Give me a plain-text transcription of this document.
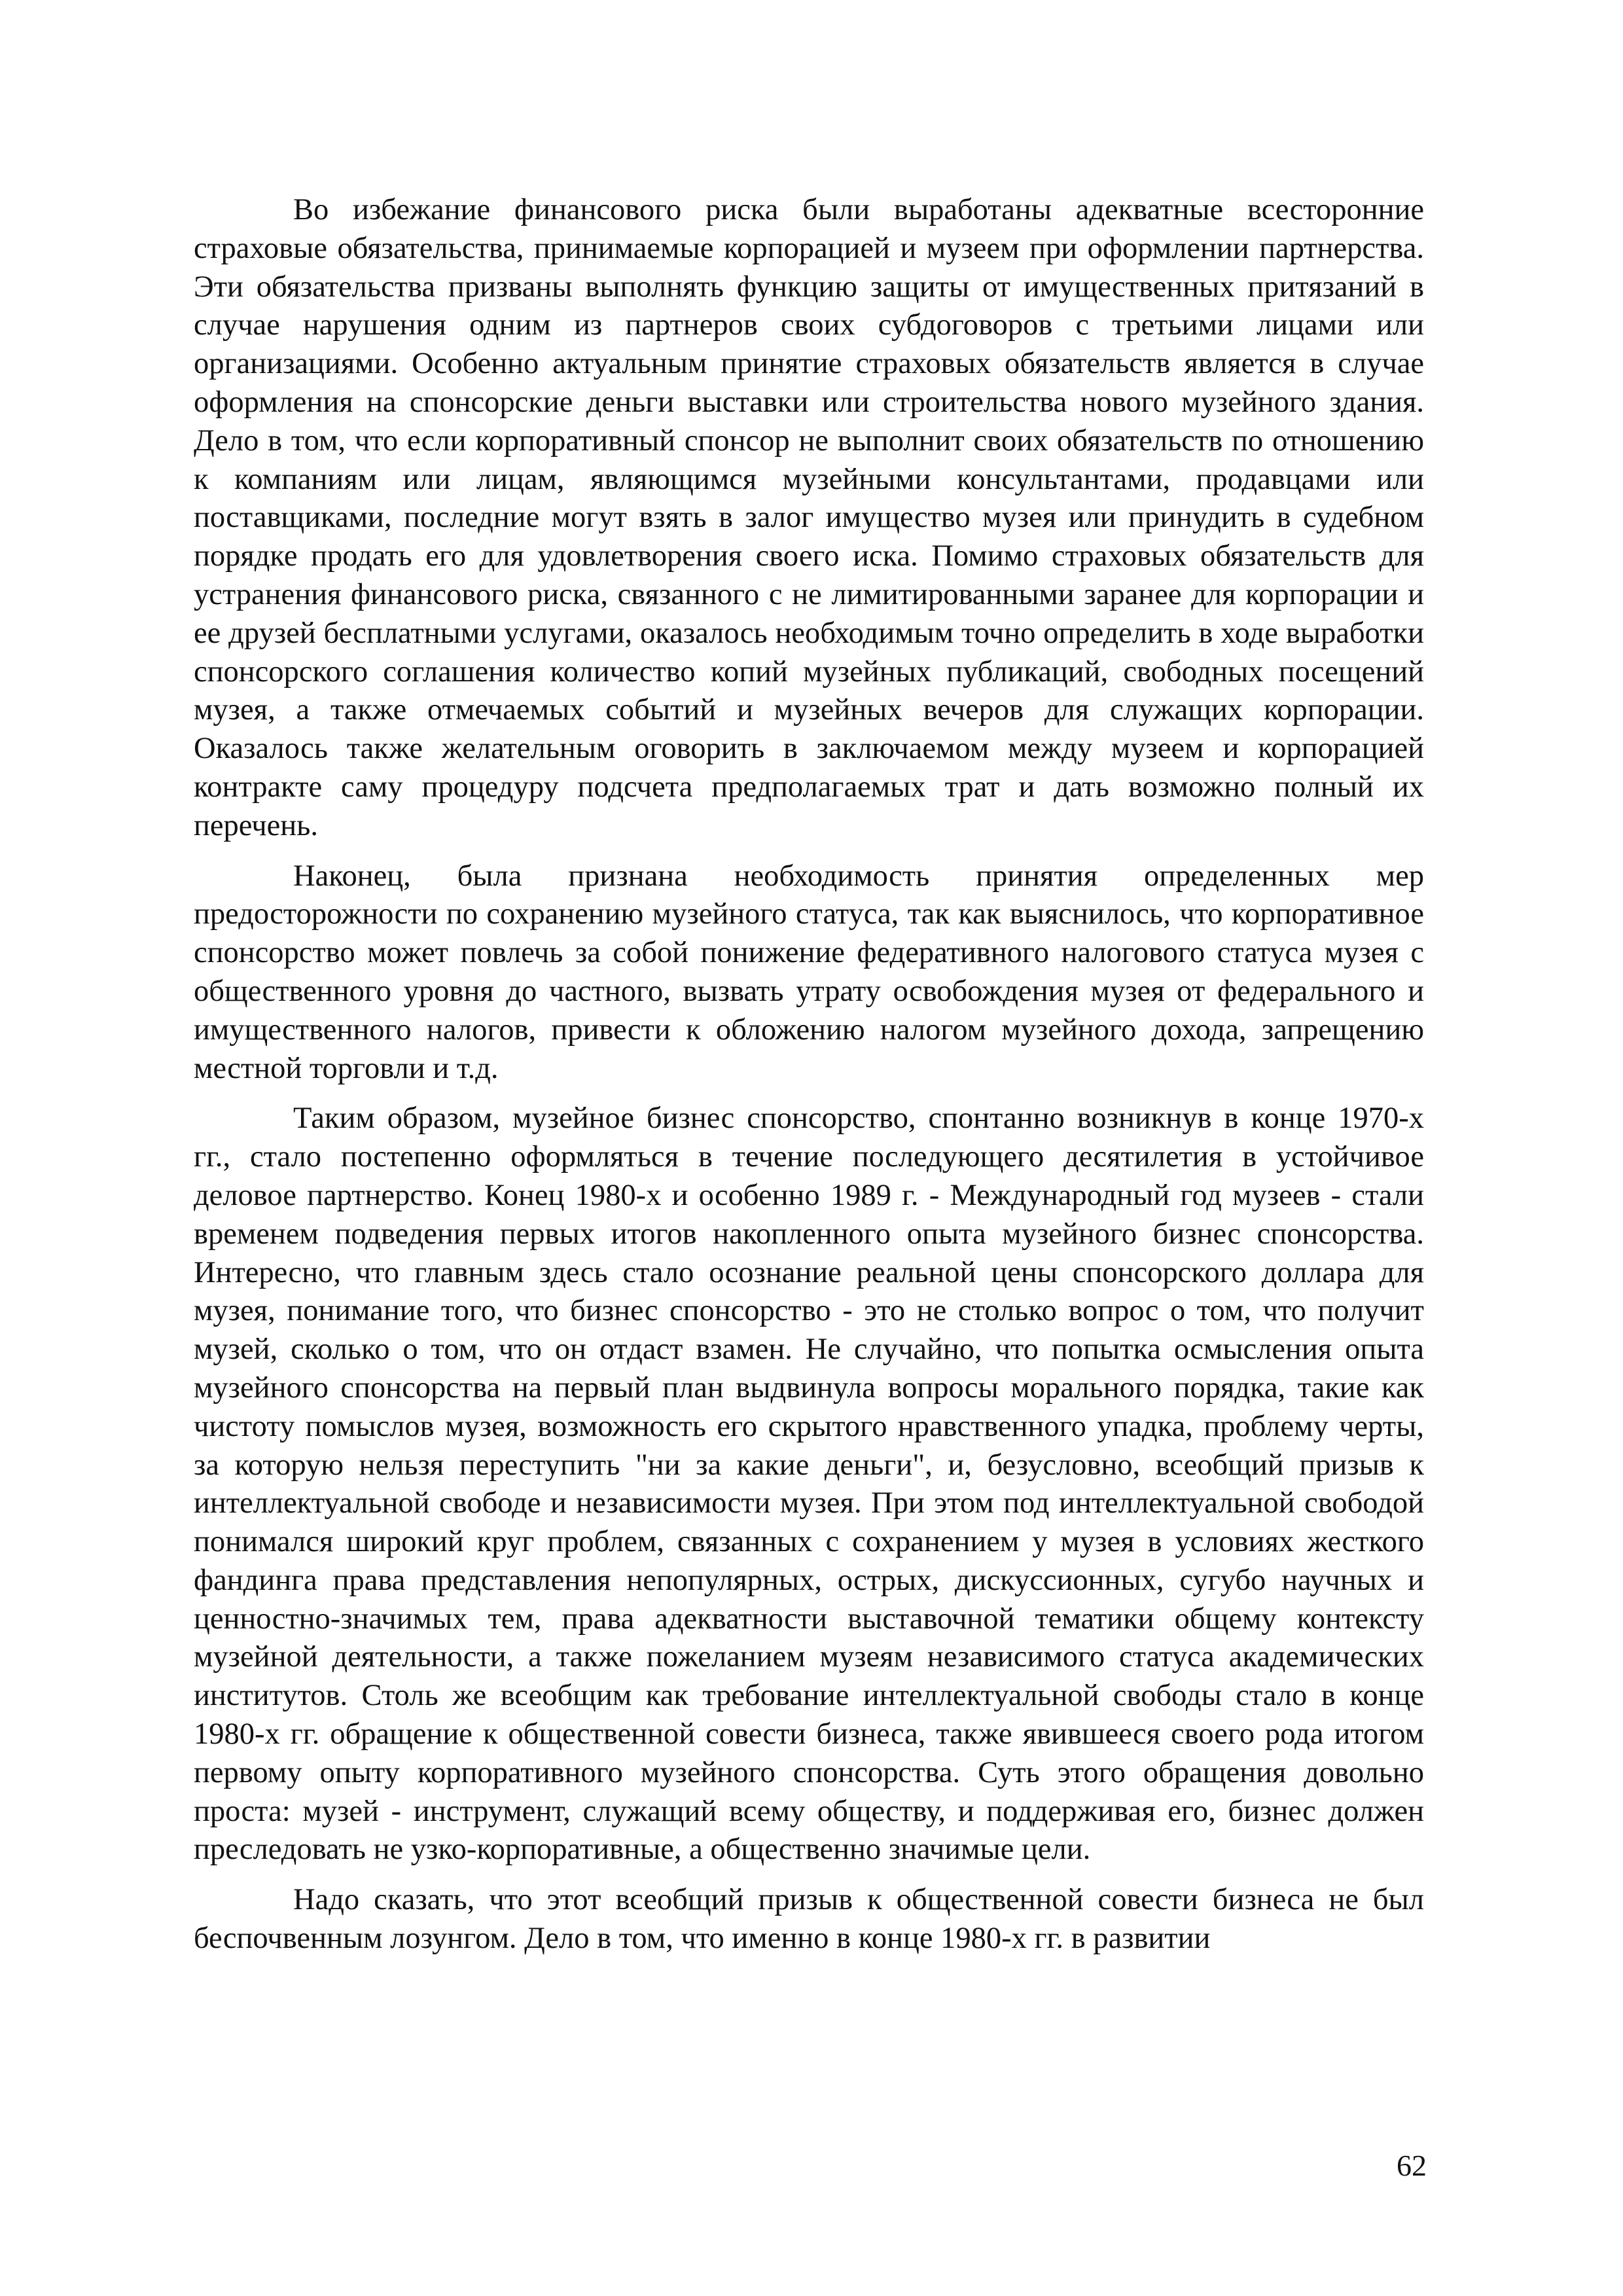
Во избежание финансового риска были выработаны адекватные всесторонние страховые обязательства, принимаемые корпорацией и музеем при оформлении партнерства. Эти обязательства призваны выполнять функцию защиты от имущественных притязаний в случае нарушения одним из партнеров своих субдоговоров с третьими лицами или организациями. Особенно актуальным принятие страховых обязательств является в случае оформления на спонсорские деньги выставки или строительства нового музейного здания. Дело в том, что если корпоративный спонсор не выполнит своих обязательств по отношению к компаниям или лицам, являющимся музейными консультантами, продавцами или поставщиками, последние могут взять в залог имущество музея или принудить в судебном порядке продать его для удовлетворения своего иска. Помимо страховых обязательств для устранения финансового риска, связанного с не лимитированными заранее для корпорации и ее друзей бесплатными услугами, оказалось необходимым точно определить в ходе выработки спонсорского соглашения количество копий музейных публикаций, свободных посещений музея, а также отмечаемых событий и музейных вечеров для служащих корпорации. Оказалось также желательным оговорить в заключаемом между музеем и корпорацией контракте саму процедуру подсчета предполагаемых трат и дать возможно полный их перечень.

Наконец, была признана необходимость принятия определенных мер предосторожности по сохранению музейного статуса, так как выяснилось, что корпоративное спонсорство может повлечь за собой понижение федеративного налогового статуса музея с общественного уровня до частного, вызвать утрату освобождения музея от федерального и имущественного налогов, привести к обложению налогом музейного дохода, запрещению местной торговли и т.д.

Таким образом, музейное бизнес спонсорство, спонтанно возникнув в конце 1970-х гг., стало постепенно оформляться в течение последующего десятилетия в устойчивое деловое партнерство. Конец 1980-х и особенно 1989 г. - Международный год музеев - стали временем подведения первых итогов накопленного опыта музейного бизнес спонсорства. Интересно, что главным здесь стало осознание реальной цены спонсорского доллара для музея, понимание того, что бизнес спонсорство - это не столько вопрос о том, что получит музей, сколько о том, что он отдаст взамен. Не случайно, что попытка осмысления опыта музейного спонсорства на первый план выдвинула вопросы морального порядка, такие как чистоту помыслов музея, возможность его скрытого нравственного упадка, проблему черты, за которую нельзя переступить "ни за какие деньги", и, безусловно, всеобщий призыв к интеллектуальной свободе и независимости музея. При этом под интеллектуальной свободой понимался широкий круг проблем, связанных с сохранением у музея в условиях жесткого фандинга права представления непопулярных, острых, дискуссионных, сугубо научных и ценностно-значимых тем, права адекватности выставочной тематики общему контексту музейной деятельности, а также пожеланием музеям независимого статуса академических институтов. Столь же всеобщим как требование интеллектуальной свободы стало в конце 1980-х гг. обращение к общественной совести бизнеса, также явившееся своего рода итогом первому опыту корпоративного музейного спонсорства. Суть этого обращения довольно проста: музей - инструмент, служащий всему обществу, и поддерживая его, бизнес должен преследовать не узко-корпоративные, а общественно значимые цели.

Надо сказать, что этот всеобщий призыв к общественной совести бизнеса не был беспочвенным лозунгом. Дело в том, что именно в конце 1980-х гг. в развитии

62
